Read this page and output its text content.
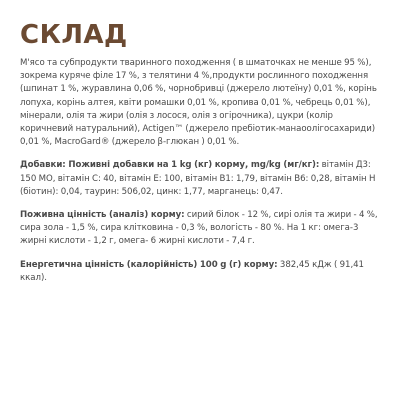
СКЛАД

М'ясо та субпродукти тваринного походження ( в шматочках не менше 95 %), зокрема куряче філе 17 %, з телятини 4 %,продукти рослинного походження (шпинат 1 %, журавлина 0,06 %, чорнобривці (джерело лютеїну) 0,01 %, корінь лопуха, корінь алтея, квіти ромашки 0,01 %, кропива 0,01 %, чебрець 0,01 %), мінерали, олія та жири (олія з лосося, олія з огірочника), цукри (колір коричневий натуральний), Actigen™ (джерело пребіотик-манаоолігосахариди) 0,01 %, MacroGard® (джерело β-глюкан ) 0,01 %.

Добавки: Поживні добавки на 1 kg (кг) корму, mg/kg (мг/кг): вітамін Д3: 150 МО, вітамін С: 40, вітамін Е: 100, вітамін В1: 1,79, вітамін В6: 0,28, вітамін Н (біотин): 0,04, таурин: 506,02, цинк: 1,77, марганець: 0,47.

Поживна цінність (аналіз) корму: сирий білок - 12 %, сирі олія та жири - 4 %, сира зола - 1,5 %, сира клітковина - 0,3 %, вологість - 80 %. На 1 кг: омега-3 жирні кислоти - 1,2 г, омега- 6 жирні кислоти - 7,4 г.

Енергетична цінність (калорійність) 100 g (г) корму: 382,45 кДж ( 91,41 ккал).
